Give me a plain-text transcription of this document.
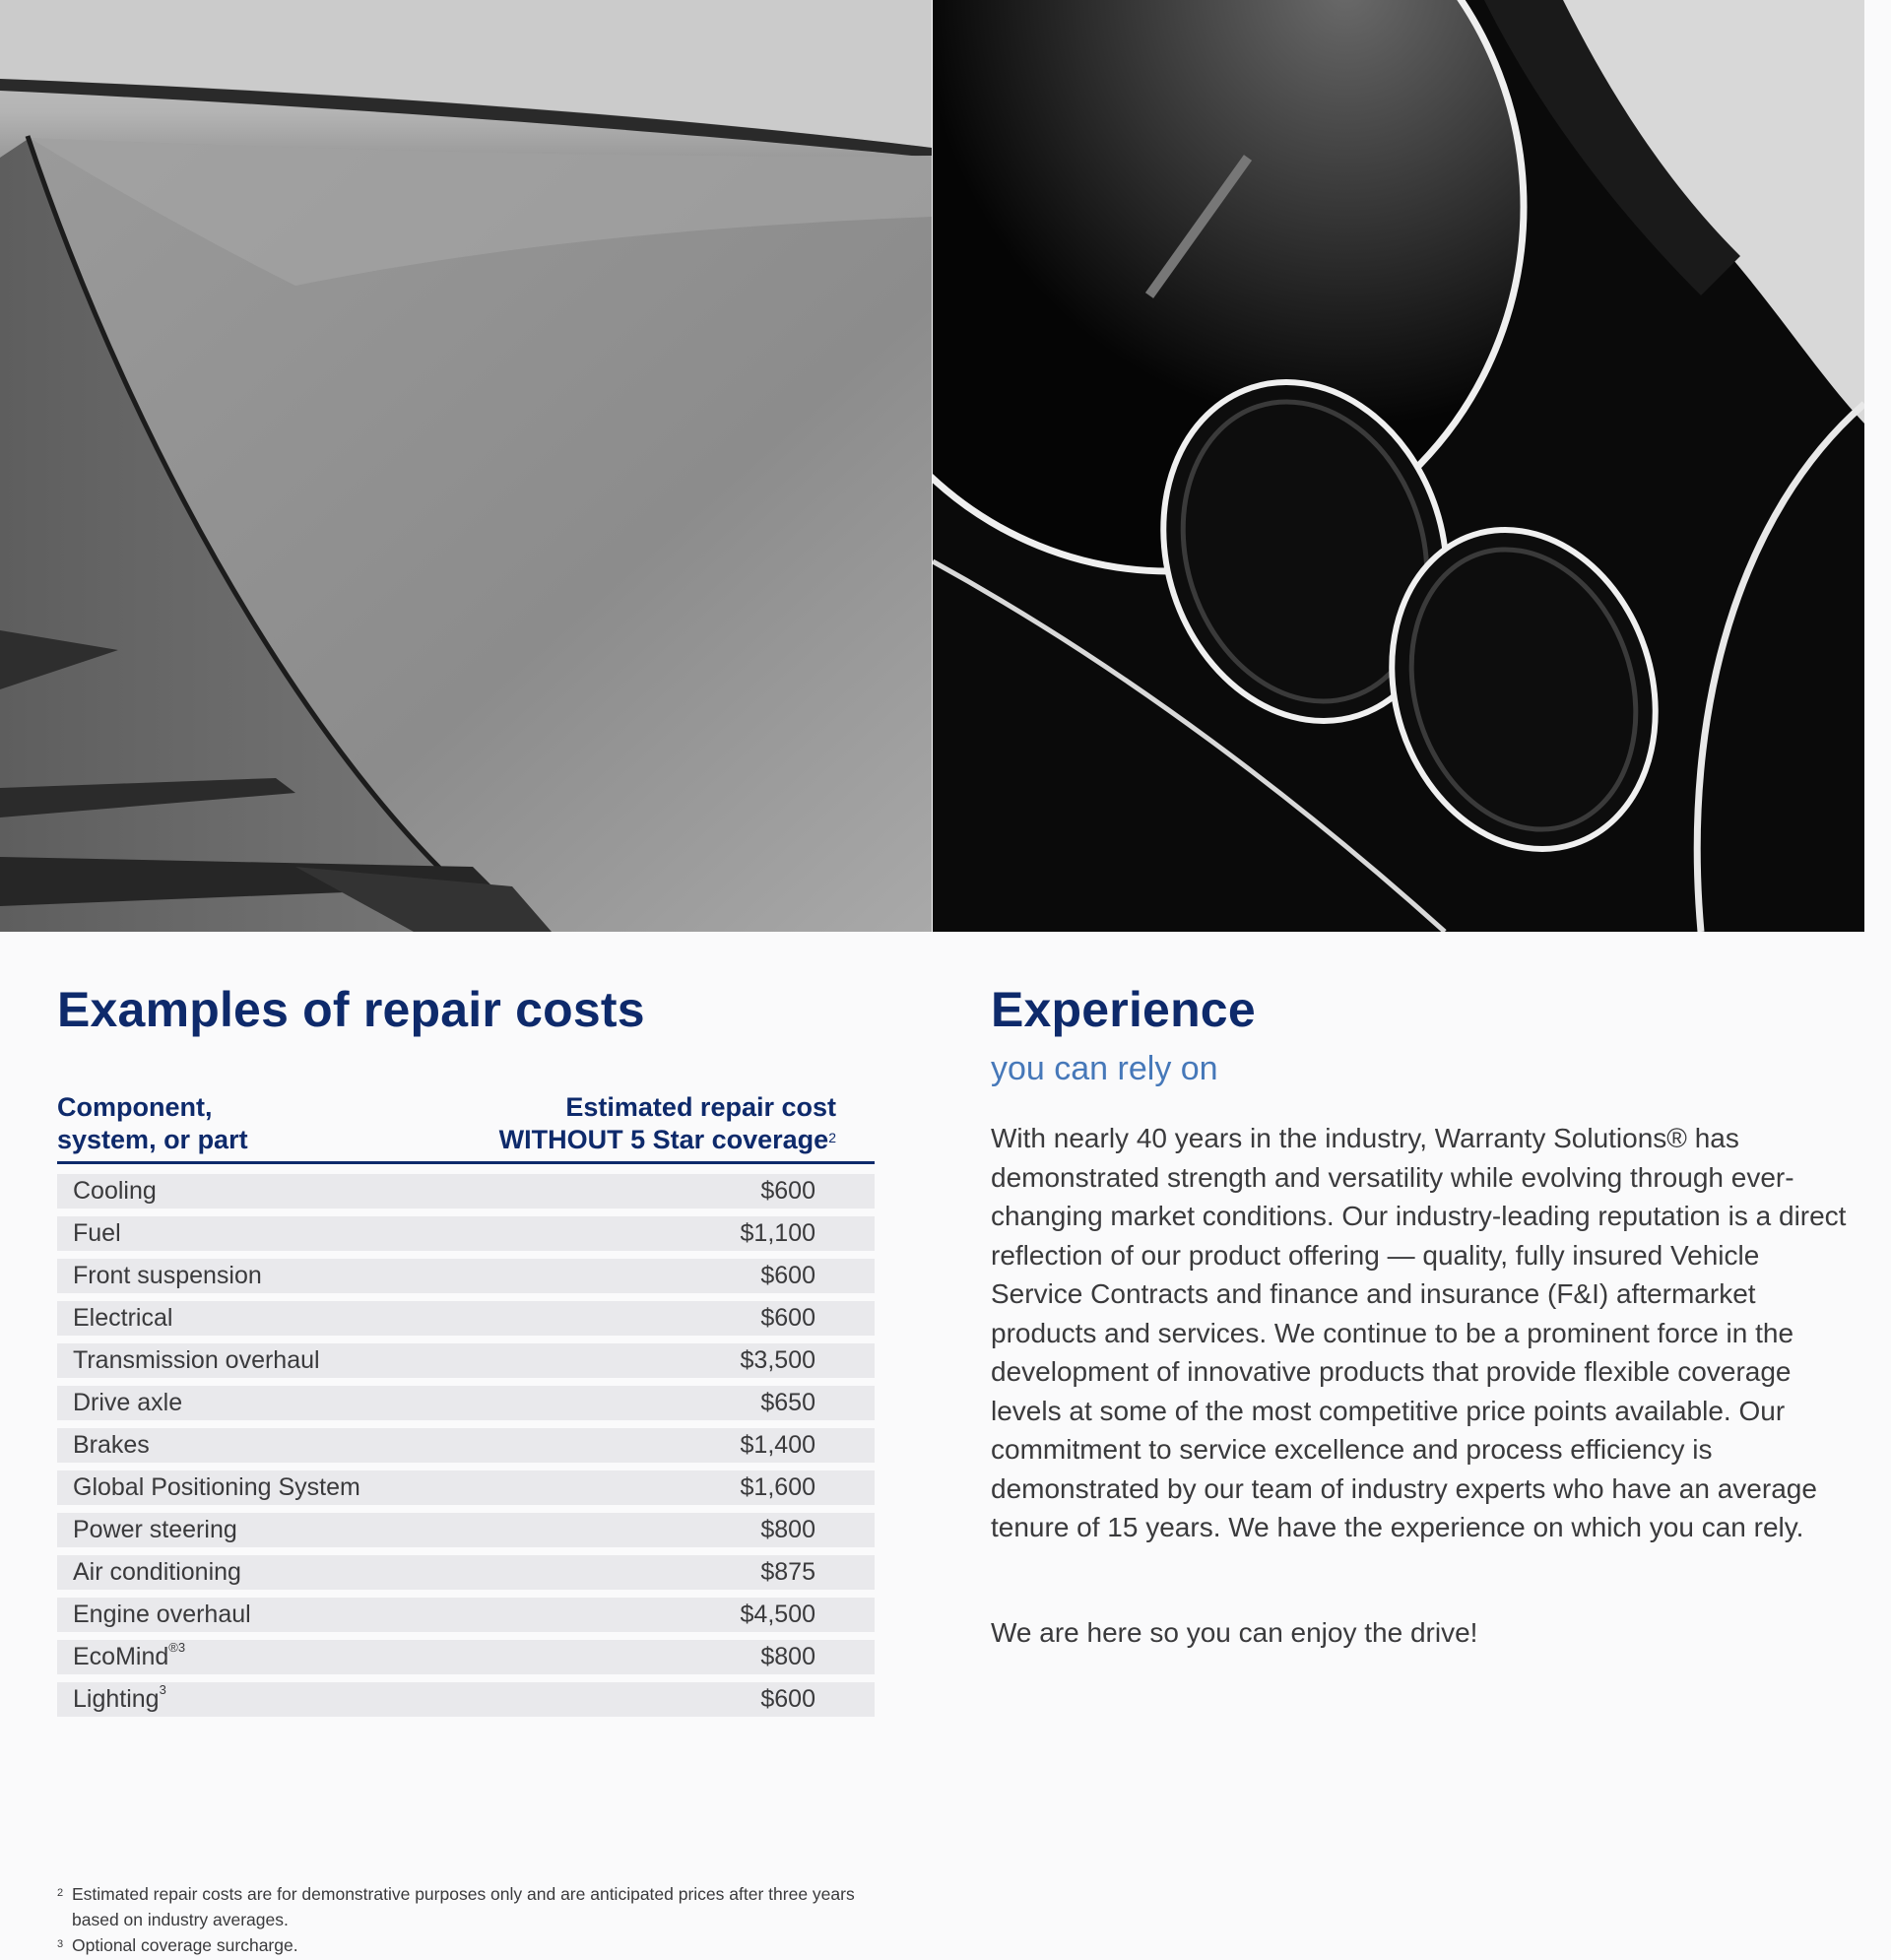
Examples of repair costs
Component,
system, or part
Estimated repair cost
WITHOUT 5 Star coverage$^2$
Cooling	$600
Fuel	$1,100
Front suspension	$600
Electrical	$600
Transmission overhaul	$3,500
Drive axle	$650
Brakes	$1,400
Global Positioning System	$1,600
Power steering	$800
Air conditioning	$875
Engine overhaul	$4,500
EcoMind$^{®3}$	$800
Lighting$^3$	$600
2 Estimated repair costs are for demonstrative purposes only and are anticipated prices after three years based on industry averages.
3 Optional coverage surcharge.
Experience
you can rely on

With nearly 40 years in the industry, Warranty Solutions® has demonstrated strength and versatility while evolving through ever-changing market conditions. Our industry-leading reputation is a direct reflection of our product offering — quality, fully insured Vehicle Service Contracts and finance and insurance (F&I) aftermarket products and services. We continue to be a prominent force in the development of innovative products that provide flexible coverage levels at some of the most competitive price points available. Our commitment to service excellence and process efficiency is demonstrated by our team of industry experts who have an average tenure of 15 years. We have the experience on which you can rely.

We are here so you can enjoy the drive!
